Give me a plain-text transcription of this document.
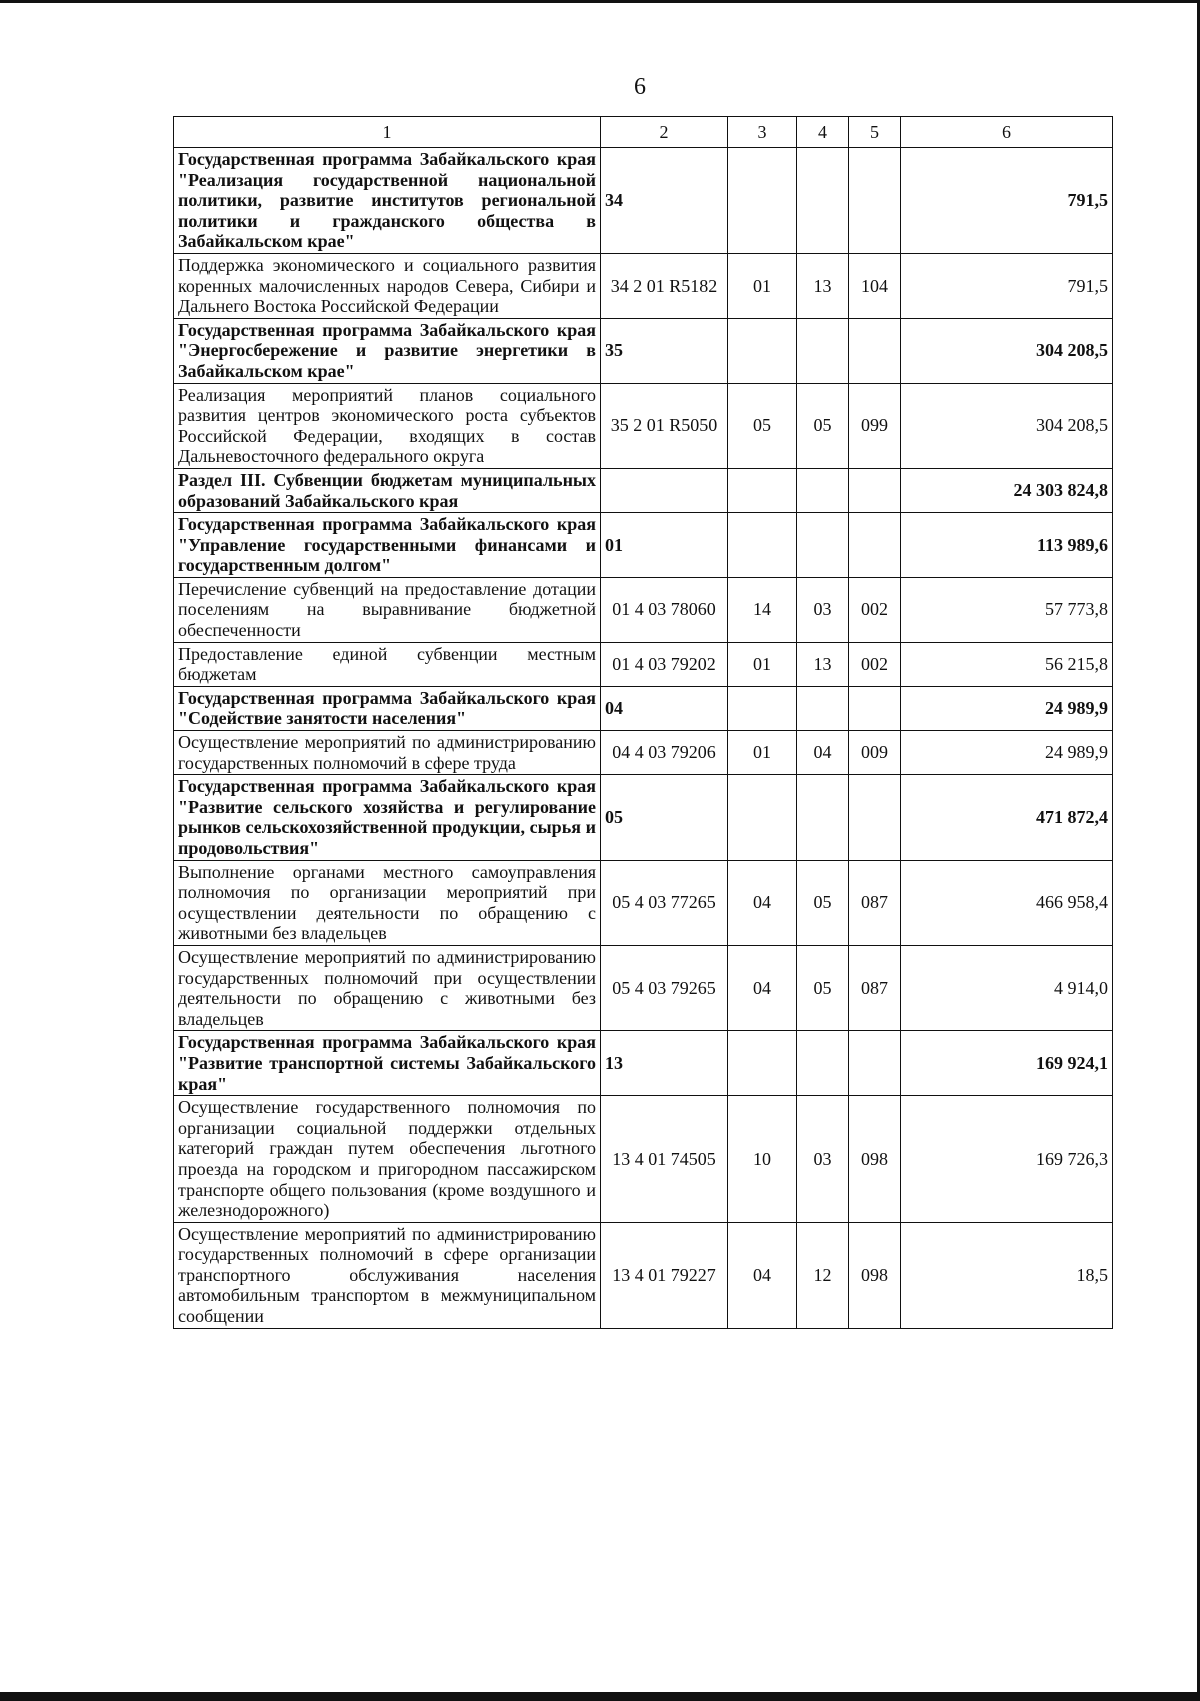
6
1	2	3	4	5	6
Государственная программа Забайкальского края "Реализация государственной национальной политики, развитие институтов региональной политики и гражданского общества в Забайкальском крае"	34				791,5
Поддержка экономического и социального развития коренных малочисленных народов Севера, Сибири и Дальнего Востока Российской Федерации	34 2 01 R5182	01	13	104	791,5
Государственная программа Забайкальского края "Энергосбережение и развитие энергетики в Забайкальском крае"	35				304 208,5
Реализация мероприятий планов социального развития центров экономического роста субъектов Российской Федерации, входящих в состав Дальневосточного федерального округа	35 2 01 R5050	05	05	099	304 208,5
Раздел III. Субвенции бюджетам муниципальных образований Забайкальского края					24 303 824,8
Государственная программа Забайкальского края "Управление государственными финансами и государственным долгом"	01				113 989,6
Перечисление субвенций на предоставление дотации поселениям на выравнивание бюджетной обеспеченности	01 4 03 78060	14	03	002	57 773,8
Предоставление единой субвенции местным бюджетам	01 4 03 79202	01	13	002	56 215,8
Государственная программа Забайкальского края "Содействие занятости населения"	04				24 989,9
Осуществление мероприятий по администрированию государственных полномочий в сфере труда	04 4 03 79206	01	04	009	24 989,9
Государственная программа Забайкальского края "Развитие сельского хозяйства и регулирование рынков сельскохозяйственной продукции, сырья и продовольствия"	05				471 872,4
Выполнение органами местного самоуправления полномочия по организации мероприятий при осуществлении деятельности по обращению с животными без владельцев	05 4 03 77265	04	05	087	466 958,4
Осуществление мероприятий по администрированию государственных полномочий при осуществлении деятельности по обращению с животными без владельцев	05 4 03 79265	04	05	087	4 914,0
Государственная программа Забайкальского края "Развитие транспортной системы Забайкальского края"	13				169 924,1
Осуществление государственного полномочия по организации социальной поддержки отдельных категорий граждан путем обеспечения льготного проезда на городском и пригородном пассажирском транспорте общего пользования (кроме воздушного и железнодорожного)	13 4 01 74505	10	03	098	169 726,3
Осуществление мероприятий по администрированию государственных полномочий в сфере организации транспортного обслуживания населения автомобильным транспортом в межмуниципальном сообщении	13 4 01 79227	04	12	098	18,5
